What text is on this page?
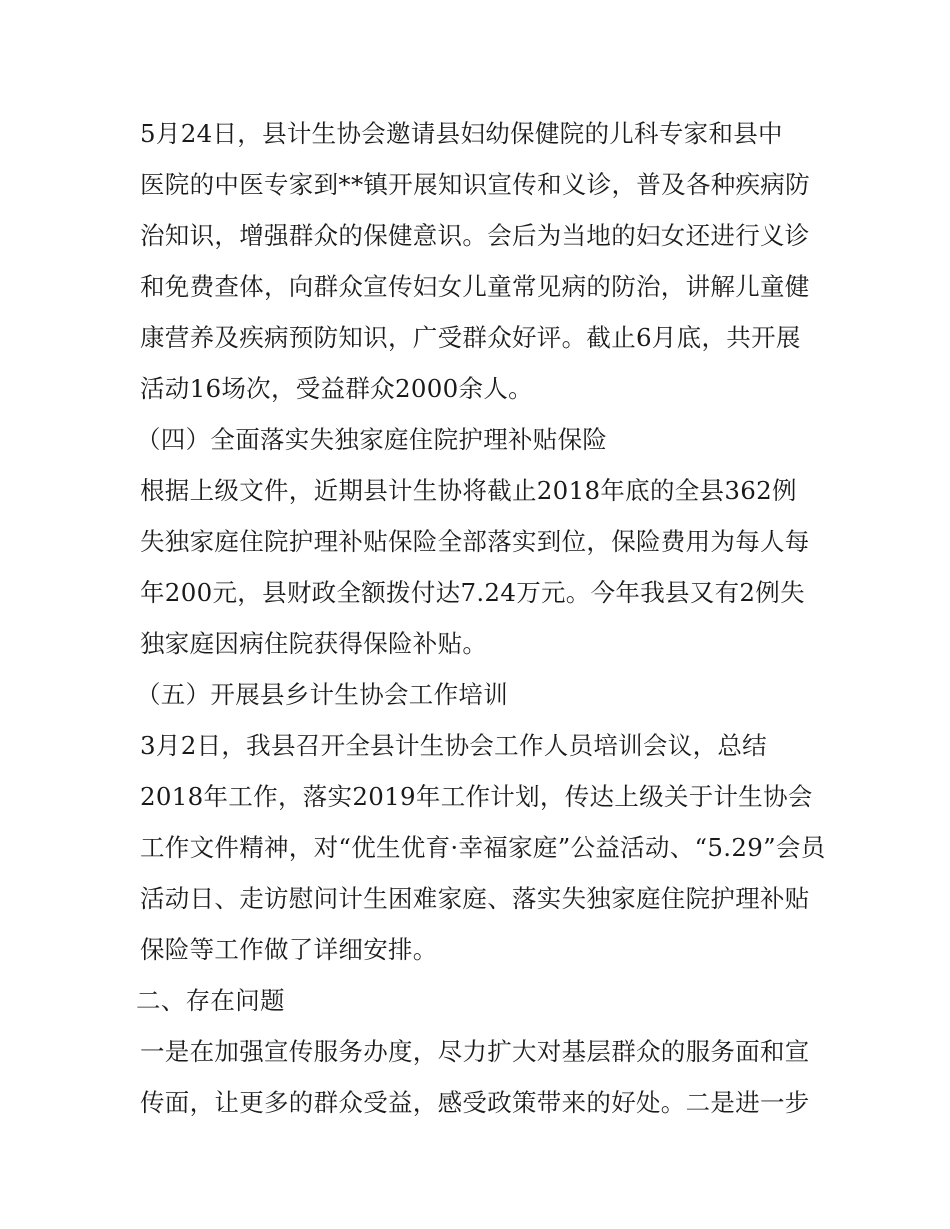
5月24日，县计生协会邀请县妇幼保健院的儿科专家和县中
医院的中医专家到**镇开展知识宣传和义诊，普及各种疾病防
治知识，增强群众的保健意识。会后为当地的妇女还进行义诊
和免费查体，向群众宣传妇女儿童常见病的防治，讲解儿童健
康营养及疾病预防知识，广受群众好评。截止6月底，共开展
活动16场次，受益群众2000余人。
（四）全面落实失独家庭住院护理补贴保险
根据上级文件，近期县计生协将截止2018年底的全县362例
失独家庭住院护理补贴保险全部落实到位，保险费用为每人每
年200元，县财政全额拨付达7.24万元。今年我县又有2例失
独家庭因病住院获得保险补贴。
（五）开展县乡计生协会工作培训
3月2日，我县召开全县计生协会工作人员培训会议，总结
2018年工作，落实2019年工作计划，传达上级关于计生协会
工作文件精神，对“优生优育·幸福家庭”公益活动、“5.29”会员
活动日、走访慰问计生困难家庭、落实失独家庭住院护理补贴
保险等工作做了详细安排。
二、存在问题
一是在加强宣传服务办度，尽力扩大对基层群众的服务面和宣
传面，让更多的群众受益，感受政策带来的好处。二是进一步
